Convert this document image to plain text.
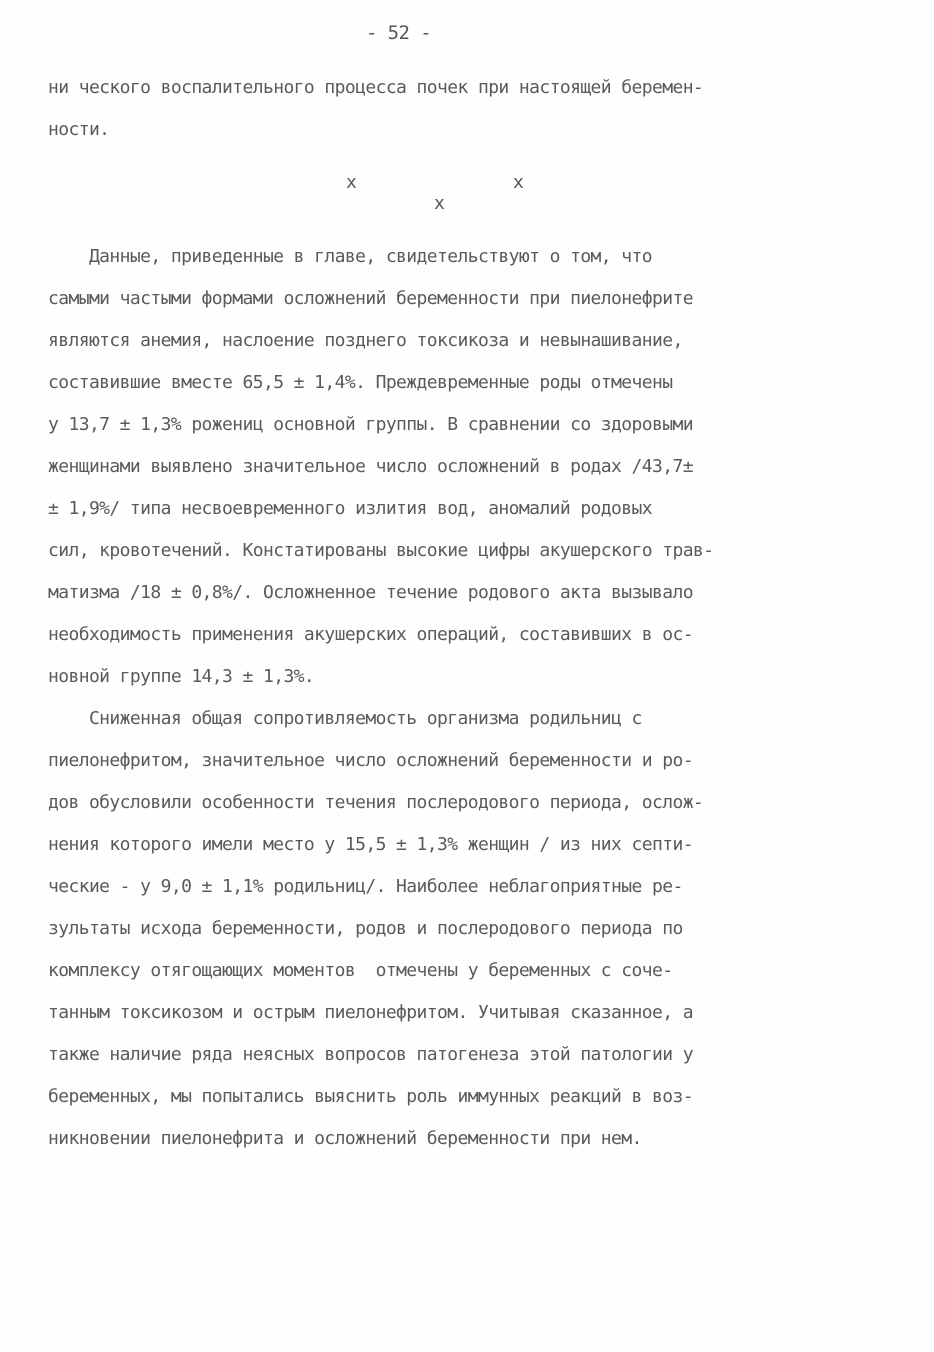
- 52 -
ни ческого воспалительного процесса почек при настоящей беремен-
ности.
х	х
х
Данные, приведенные в главе, свидетельствуют о том, что
самыми частыми формами осложнений беременности при пиелонефрите
являются анемия, наслоение позднего токсикоза и невынашивание,
составившие вместе 65,5 ± 1,4%. Преждевременные роды отмечены
у 13,7 ± 1,3% рожениц основной группы. В сравнении со здоровыми
женщинами выявлено значительное число осложнений в родах /43,7±
± 1,9%/ типа несвоевременного излития вод, аномалий родовых
сил, кровотечений. Констатированы высокие цифры акушерского трав-
матизма /18 ± 0,8%/. Осложненное течение родового акта вызывало
необходимость применения акушерских операций, составивших в ос-
новной группе 14,3 ± 1,3%.
Сниженная общая сопротивляемость организма родильниц с
пиелонефритом, значительное число осложнений беременности и ро-
дов обусловили особенности течения послеродового периода, ослож-
нения которого имели место у 15,5 ± 1,3% женщин / из них септи-
ческие - у 9,0 ± 1,1% родильниц/. Наиболее неблагоприятные ре-
зультаты исхода беременности, родов и послеродового периода по
комплексу отягощающих моментов  отмечены у беременных с соче-
танным токсикозом и острым пиелонефритом. Учитывая сказанное, а
также наличие ряда неясных вопросов патогенеза этой патологии у
беременных, мы попытались выяснить роль иммунных реакций в воз-
никновении пиелонефрита и осложнений беременности при нем.
